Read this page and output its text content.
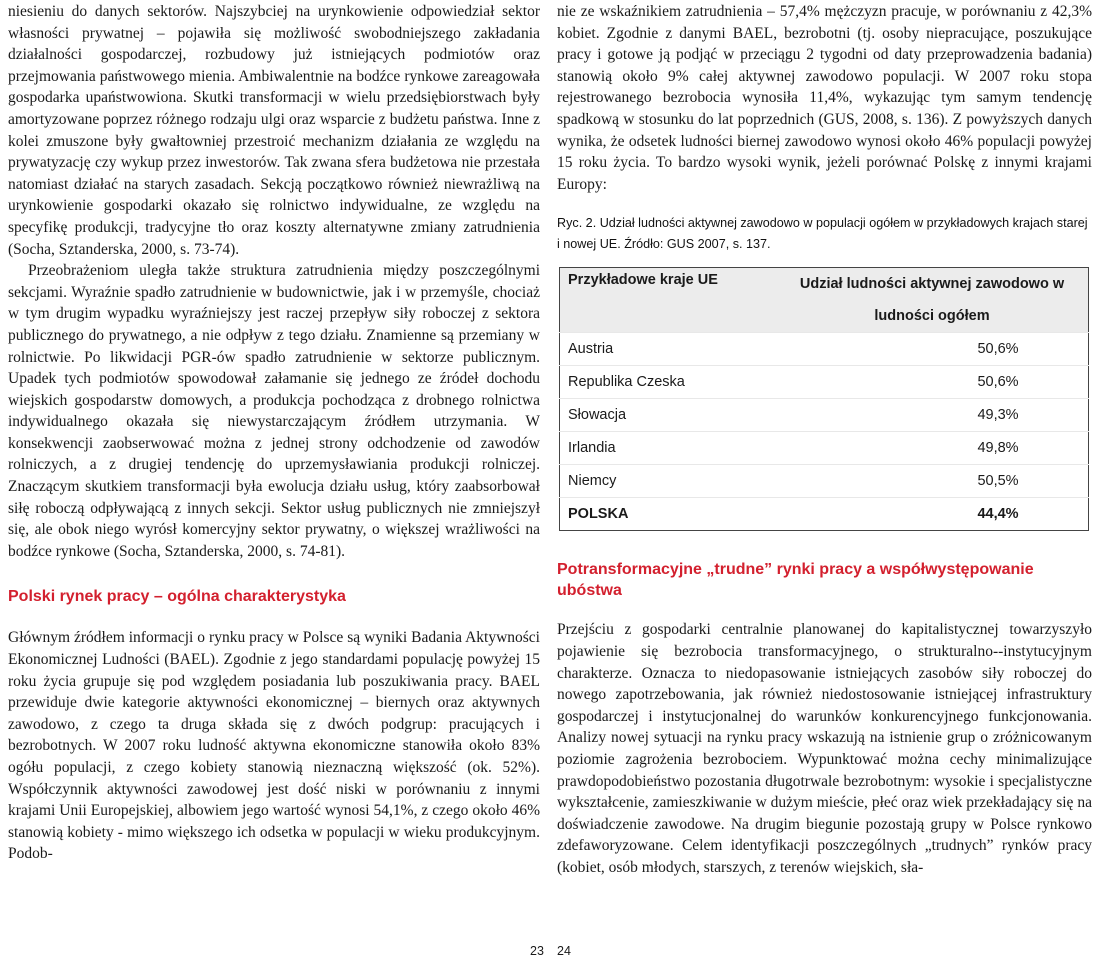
niesieniu do danych sektorów. Najszybciej na urynkowienie odpowiedział sektor własności prywatnej – pojawiła się możliwość swobodniejszego zakładania działalności gospodarczej, rozbudowy już istniejących podmiotów oraz przejmowania państwowego mienia. Ambiwalentnie na bodźce rynkowe zareagowała gospodarka upaństwowiona. Skutki transformacji w wielu przedsiębiorstwach były amortyzowane poprzez różnego rodzaju ulgi oraz wsparcie z budżetu państwa. Inne z kolei zmuszone były gwałtowniej przestroić mechanizm działania ze względu na prywatyzację czy wykup przez inwestorów. Tak zwana sfera budżetowa nie przestała natomiast działać na starych zasadach. Sekcją początkowo również niewrażliwą na urynkowienie gospodarki okazało się rolnictwo indywidualne, ze względu na specyfikę produkcji, tradycyjne tło oraz koszty alternatywne zmiany zatrudnienia (Socha, Sztanderska, 2000, s. 73-74).

Przeobrażeniom uległa także struktura zatrudnienia między poszczególnymi sekcjami. Wyraźnie spadło zatrudnienie w budownictwie, jak i w przemyśle, chociaż w tym drugim wypadku wyraźniejszy jest raczej przepływ siły roboczej z sektora publicznego do prywatnego, a nie odpływ z tego działu. Znamienne są przemiany w rolnictwie. Po likwidacji PGR-ów spadło zatrudnienie w sektorze publicznym. Upadek tych podmiotów spowodował załamanie się jednego ze źródeł dochodu wiejskich gospodarstw domowych, a produkcja pochodząca z drobnego rolnictwa indywidualnego okazała się niewystarczającym źródłem utrzymania. W konsekwencji zaobserwować można z jednej strony odchodzenie od zawodów rolniczych, a z drugiej tendencję do uprzemysławiania produkcji rolniczej. Znaczącym skutkiem transformacji była ewolucja działu usług, który zaabsorbował siłę roboczą odpływającą z innych sekcji. Sektor usług publicznych nie zmniejszył się, ale obok niego wyrósł komercyjny sektor prywatny, o większej wrażliwości na bodźce rynkowe (Socha, Sztanderska, 2000, s. 74-81).

Polski rynek pracy – ogólna charakterystyka

Głównym źródłem informacji o rynku pracy w Polsce są wyniki Badania Aktywności Ekonomicznej Ludności (BAEL). Zgodnie z jego standardami populację powyżej 15 roku życia grupuje się pod względem posiadania lub poszukiwania pracy. BAEL przewiduje dwie kategorie aktywności ekonomicznej – biernych oraz aktywnych zawodowo, z czego ta druga składa się z dwóch podgrup: pracujących i bezrobotnych. W 2007 roku ludność aktywna ekonomiczne stanowiła około 83% ogółu populacji, z czego kobiety stanowią nieznaczną większość (ok. 52%). Współczynnik aktywności zawodowej jest dość niski w porównaniu z innymi krajami Unii Europejskiej, albowiem jego wartość wynosi 54,1%, z czego około 46% stanowią kobiety - mimo większego ich odsetka w populacji w wieku produkcyjnym. Podob-

23

nie ze wskaźnikiem zatrudnienia – 57,4% mężczyzn pracuje, w porównaniu z 42,3% kobiet. Zgodnie z danymi BAEL, bezrobotni (tj. osoby niepracujące, poszukujące pracy i gotowe ją podjąć w przeciągu 2 tygodni od daty przeprowadzenia badania) stanowią około 9% całej aktywnej zawodowo populacji. W 2007 roku stopa rejestrowanego bezrobocia wynosiła 11,4%, wykazując tym samym tendencję spadkową w stosunku do lat poprzednich (GUS, 2008, s. 136). Z powyższych danych wynika, że odsetek ludności biernej zawodowo wynosi około 46% populacji powyżej 15 roku życia. To bardzo wysoki wynik, jeżeli porównać Polskę z innymi krajami Europy:

Ryc. 2. Udział ludności aktywnej zawodowo w populacji ogółem w przykładowych krajach starej i nowej UE. Źródło: GUS 2007, s. 137.

Przykładowe kraje UE	Udział ludności aktywnej zawodowo w ludności ogółem
Austria	50,6%
Republika Czeska	50,6%
Słowacja	49,3%
Irlandia	49,8%
Niemcy	50,5%
POLSKA	44,4%
Potransformacyjne „trudne” rynki pracy a współwystępowanie ubóstwa

Przejściu z gospodarki centralnie planowanej do kapitalistycznej towarzyszyło pojawienie się bezrobocia transformacyjnego, o strukturalno--instytucyjnym charakterze. Oznacza to niedopasowanie istniejących zasobów siły roboczej do nowego zapotrzebowania, jak również niedostosowanie istniejącej infrastruktury gospodarczej i instytucjonalnej do warunków konkurencyjnego funkcjonowania. Analizy nowej sytuacji na rynku pracy wskazują na istnienie grup o zróżnicowanym poziomie zagrożenia bezrobociem. Wypunktować można cechy minimalizujące prawdopodobieństwo pozostania długotrwale bezrobotnym: wysokie i specjalistyczne wykształcenie, zamieszkiwanie w dużym mieście, płeć oraz wiek przekładający się na doświadczenie zawodowe. Na drugim biegunie pozostają grupy w Polsce rynkowo zdefaworyzowane. Celem identyfikacji poszczególnych „trudnych” rynków pracy (kobiet, osób młodych, starszych, z terenów wiejskich, sła-

24
